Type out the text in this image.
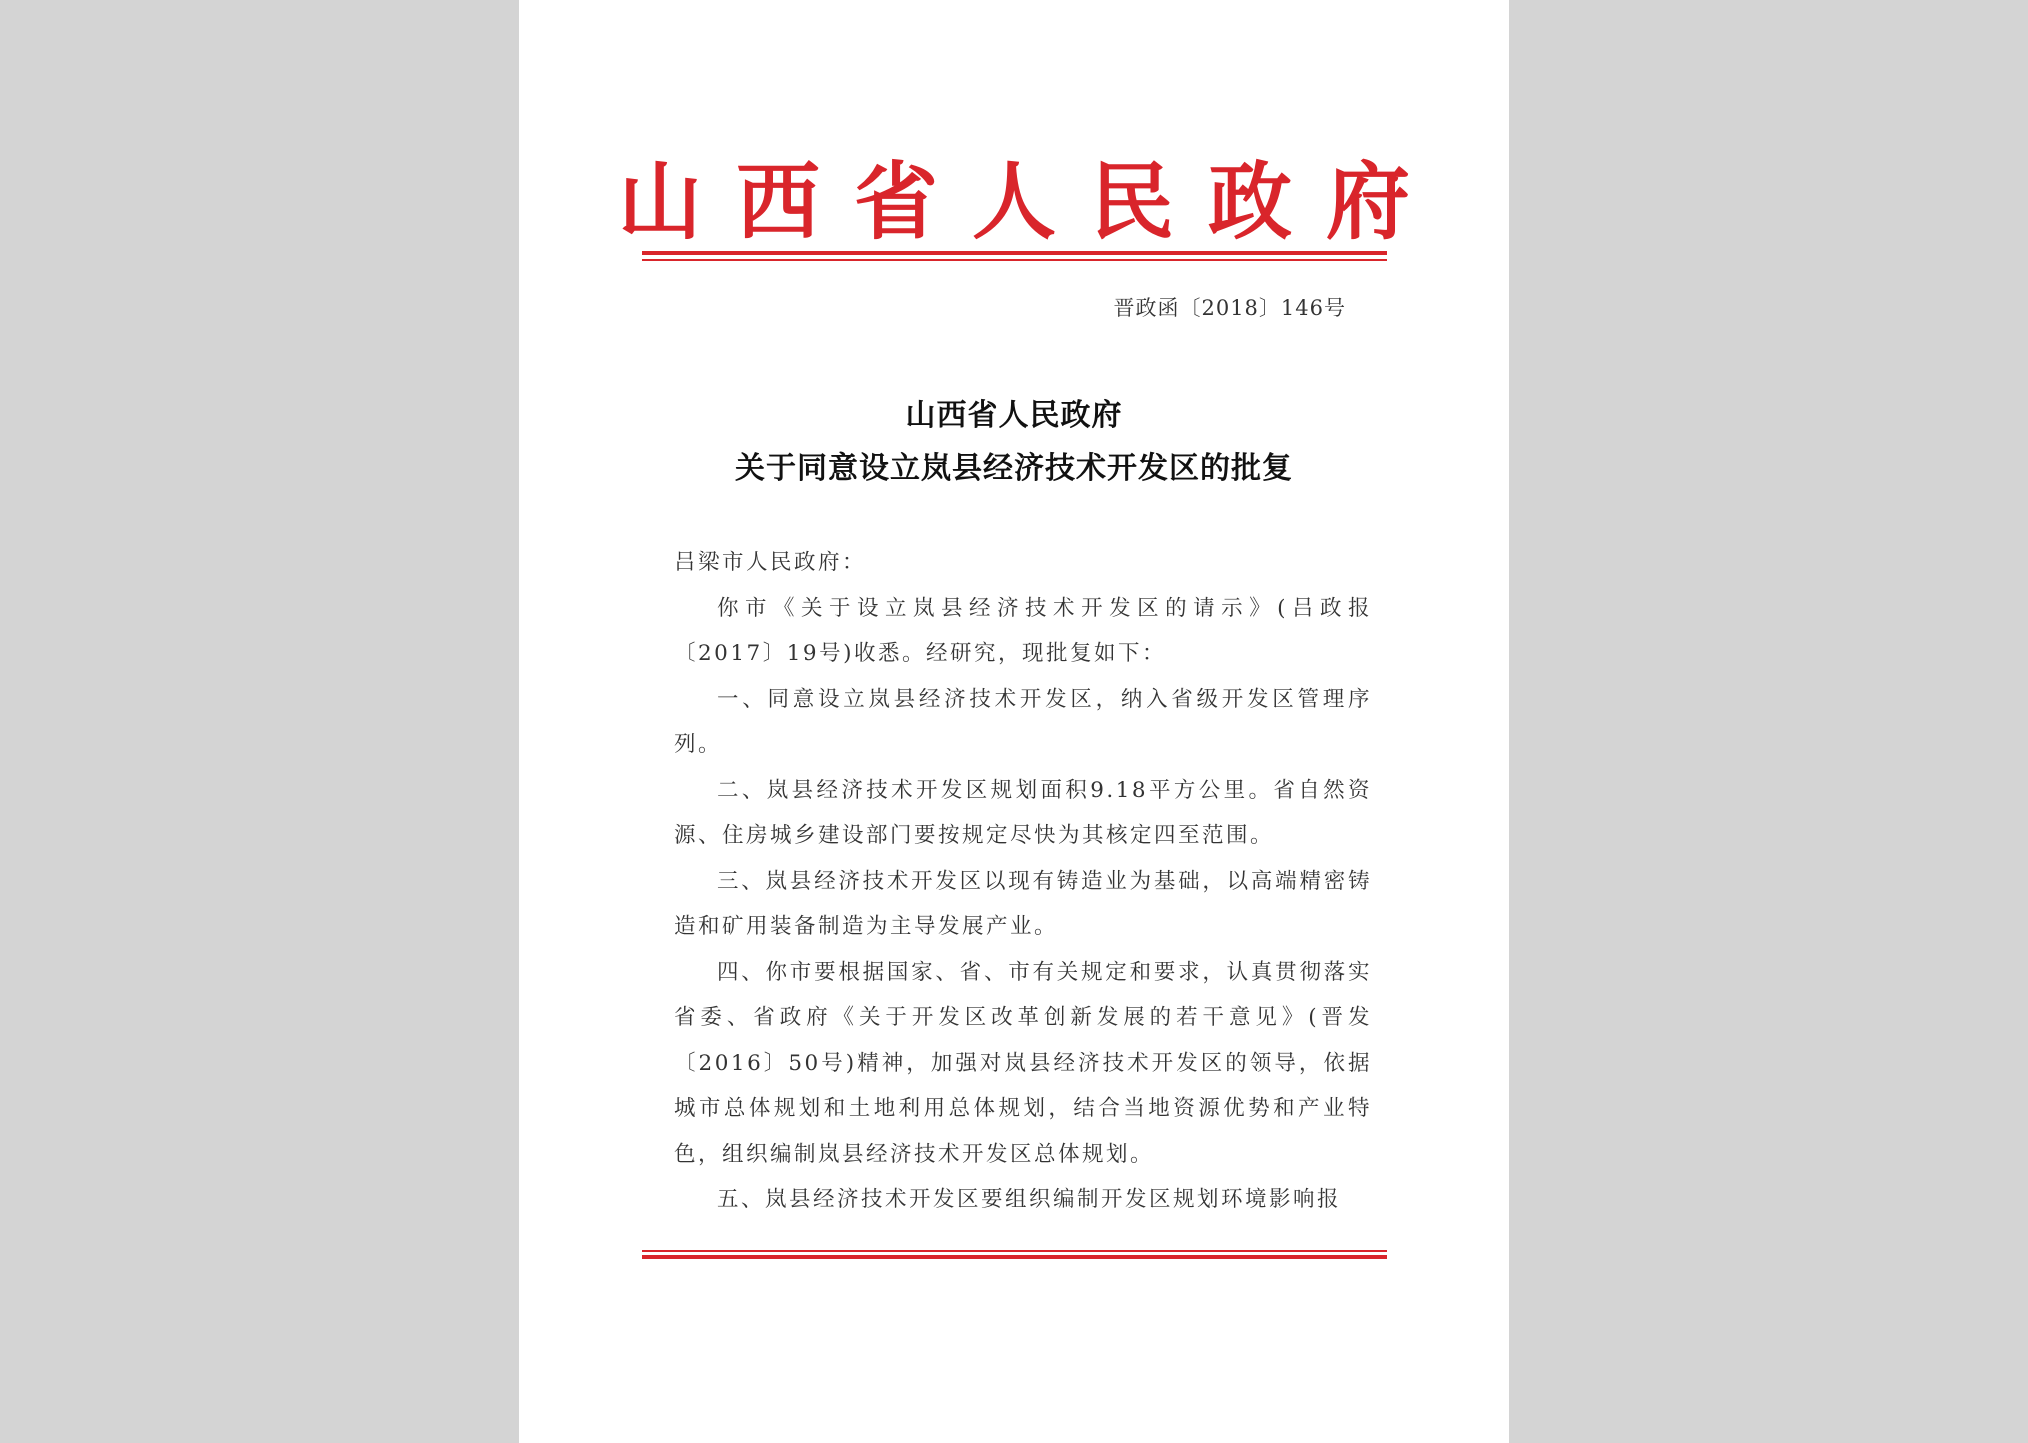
山西省人民政府
晋政函〔2018〕146号
山西省人民政府
关于同意设立岚县经济技术开发区的批复

吕梁市人民政府：

你市《关于设立岚县经济技术开发区的请示》(吕政报〔2017〕19号)收悉。经研究，现批复如下：

一、同意设立岚县经济技术开发区，纳入省级开发区管理序列。

二、岚县经济技术开发区规划面积9.18平方公里。省自然资源、住房城乡建设部门要按规定尽快为其核定四至范围。

三、岚县经济技术开发区以现有铸造业为基础，以高端精密铸造和矿用装备制造为主导发展产业。

四、你市要根据国家、省、市有关规定和要求，认真贯彻落实省委、省政府《关于开发区改革创新发展的若干意见》(晋发〔2016〕50号)精神，加强对岚县经济技术开发区的领导，依据城市总体规划和土地利用总体规划，结合当地资源优势和产业特色，组织编制岚县经济技术开发区总体规划。

五、岚县经济技术开发区要组织编制开发区规划环境影响报
